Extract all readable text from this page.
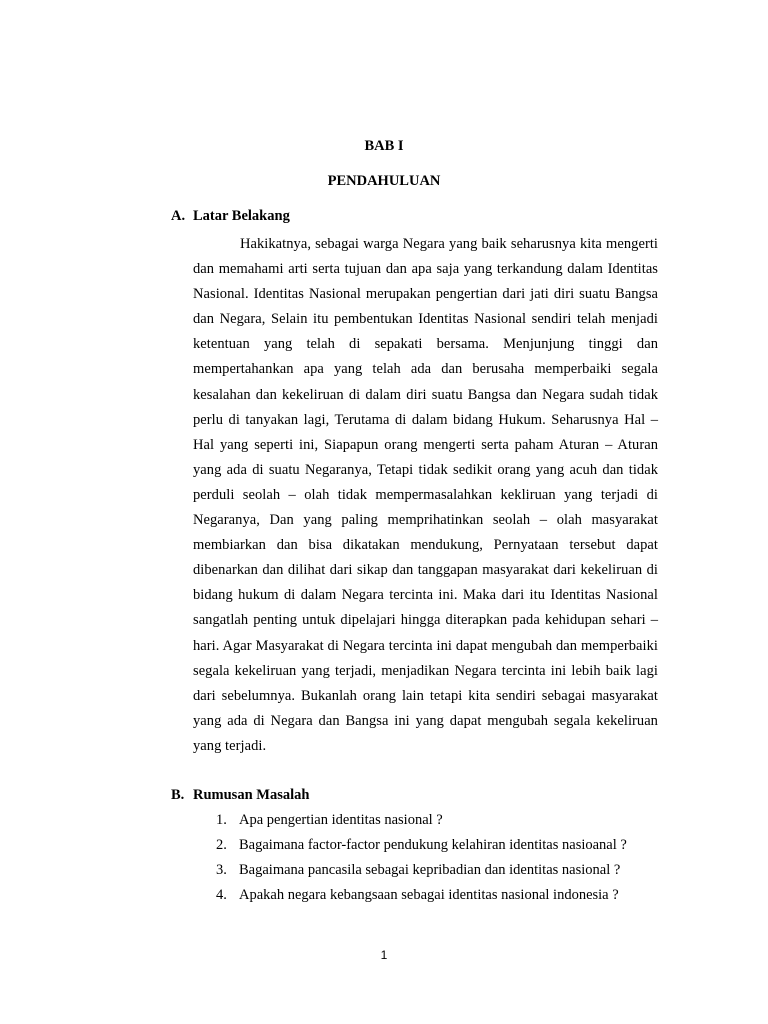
BAB I
PENDAHULUAN
A. Latar Belakang

Hakikatnya, sebagai warga Negara yang baik seharusnya kita mengerti dan memahami arti serta tujuan dan apa saja yang terkandung dalam Identitas Nasional. Identitas Nasional merupakan pengertian dari jati diri suatu Bangsa dan Negara, Selain itu pembentukan Identitas Nasional sendiri telah menjadi ketentuan yang telah di sepakati bersama. Menjunjung tinggi dan mempertahankan apa yang telah ada dan berusaha memperbaiki segala kesalahan dan kekeliruan di dalam diri suatu Bangsa dan Negara sudah tidak perlu di tanyakan lagi, Terutama di dalam bidang Hukum. Seharusnya Hal – Hal yang seperti ini, Siapapun orang mengerti serta paham Aturan – Aturan yang ada di suatu Negaranya, Tetapi tidak sedikit orang yang acuh dan tidak perduli seolah – olah tidak mempermasalahkan kekliruan yang terjadi di Negaranya, Dan yang paling memprihatinkan seolah – olah masyarakat membiarkan dan bisa dikatakan mendukung, Pernyataan tersebut dapat dibenarkan dan dilihat dari sikap dan tanggapan masyarakat dari kekeliruan di bidang hukum di dalam Negara tercinta ini. Maka dari itu Identitas Nasional sangatlah penting untuk dipelajari hingga diterapkan pada kehidupan sehari – hari. Agar Masyarakat di Negara tercinta ini dapat mengubah dan memperbaiki segala kekeliruan yang terjadi, menjadikan Negara tercinta ini lebih baik lagi dari sebelumnya. Bukanlah orang lain tetapi kita sendiri sebagai masyarakat yang ada di Negara dan Bangsa ini yang dapat mengubah segala kekeliruan yang terjadi.

B. Rumusan Masalah
1. Apa pengertian identitas nasional ?
2. Bagaimana factor-factor pendukung kelahiran identitas nasioanal ?
3. Bagaimana pancasila sebagai kepribadian dan identitas nasional ?
4. Apakah negara kebangsaan sebagai identitas nasional indonesia ?
1
